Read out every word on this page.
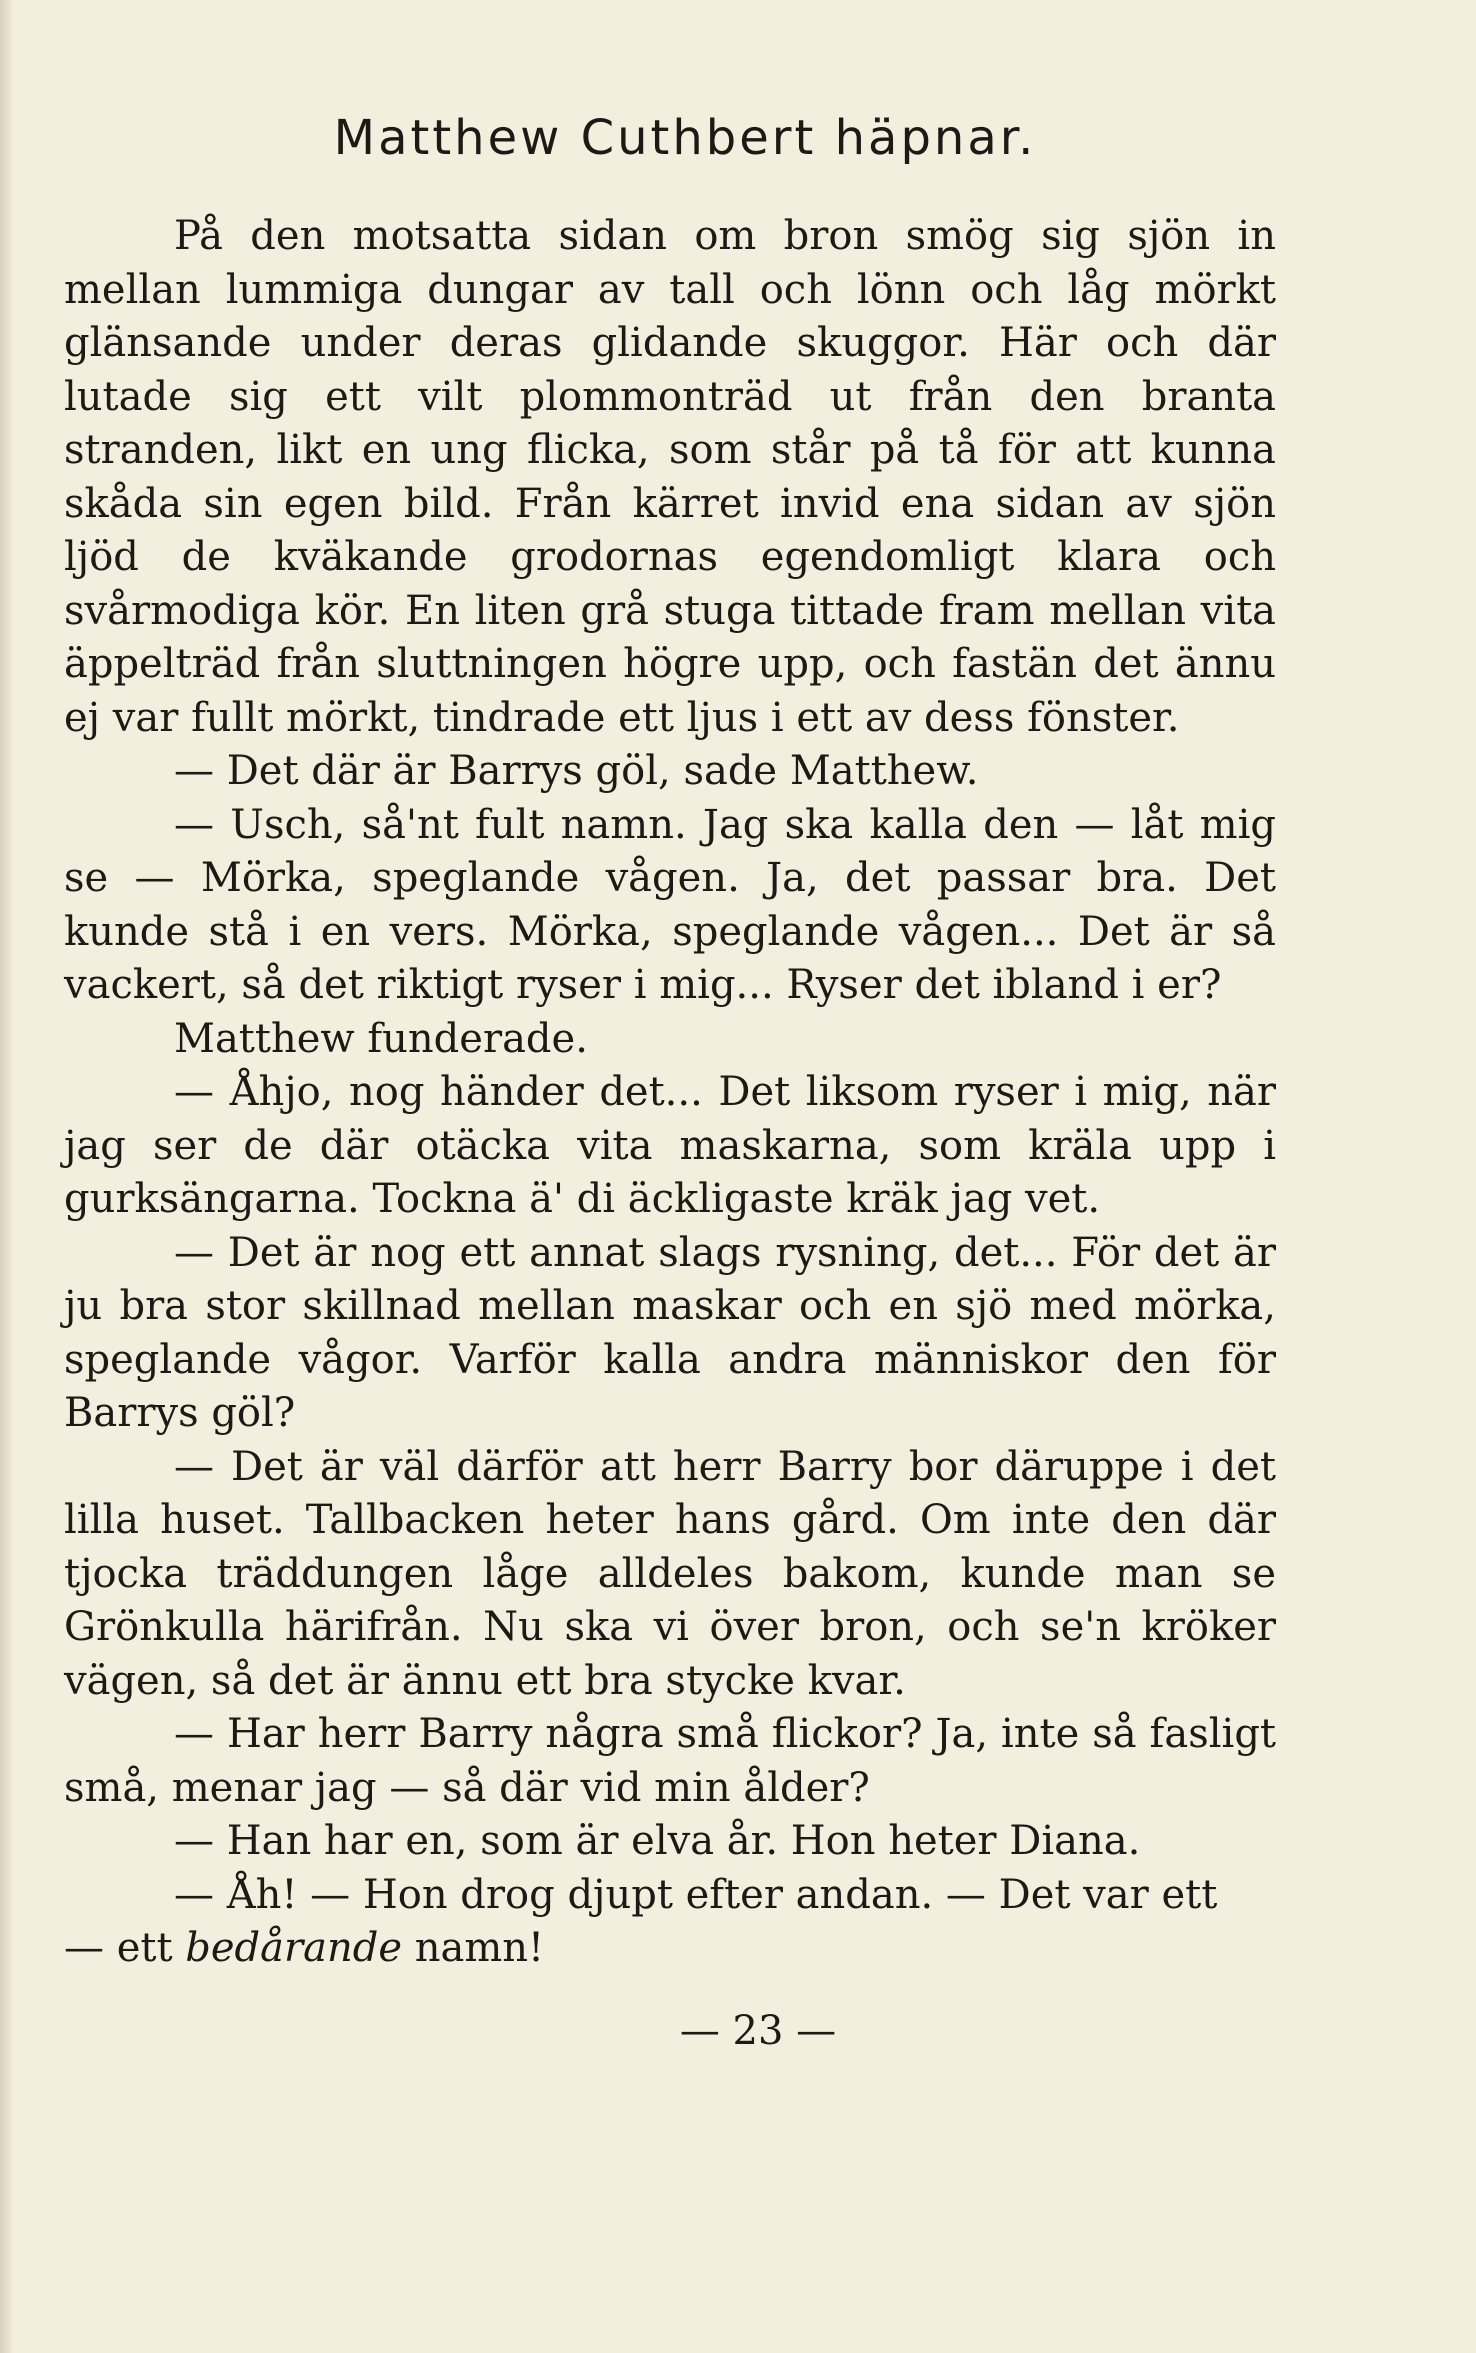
Matthew Cuthbert häpnar.

På den motsatta sidan om bron smög sig sjön in mellan lummiga dungar av tall och lönn och låg mörkt glänsande under deras glidande skuggor. Här och där lutade sig ett vilt plommonträd ut från den branta stranden, likt en ung flicka, som står på tå för att kunna skåda sin egen bild. Från kärret invid ena sidan av sjön ljöd de kväkande grodornas egendomligt klara och svårmodiga kör. En liten grå stuga tittade fram mellan vita äppelträd från sluttningen högre upp, och fastän det ännu ej var fullt mörkt, tindrade ett ljus i ett av dess fönster.

— Det där är Barrys göl, sade Matthew.

— Usch, så'nt fult namn. Jag ska kalla den — låt mig se — Mörka, speglande vågen. Ja, det passar bra. Det kunde stå i en vers. Mörka, speglande vågen... Det är så vackert, så det riktigt ryser i mig... Ryser det ibland i er?

Matthew funderade.

— Åhjo, nog händer det... Det liksom ryser i mig, när jag ser de där otäcka vita maskarna, som kräla upp i gurksängarna. Tockna ä' di äckligaste kräk jag vet.

— Det är nog ett annat slags rysning, det... För det är ju bra stor skillnad mellan maskar och en sjö med mörka, speglande vågor. Varför kalla andra människor den för Barrys göl?

— Det är väl därför att herr Barry bor däruppe i det lilla huset. Tallbacken heter hans gård. Om inte den där tjocka träddungen låge alldeles bakom, kunde man se Grönkulla härifrån. Nu ska vi över bron, och se'n kröker vägen, så det är ännu ett bra stycke kvar.

— Har herr Barry några små flickor? Ja, inte så fasligt små, menar jag — så där vid min ålder?

— Han har en, som är elva år. Hon heter Diana.

— Åh! — Hon drog djupt efter andan. — Det var ett

— ett bedårande namn!

— 23 —
